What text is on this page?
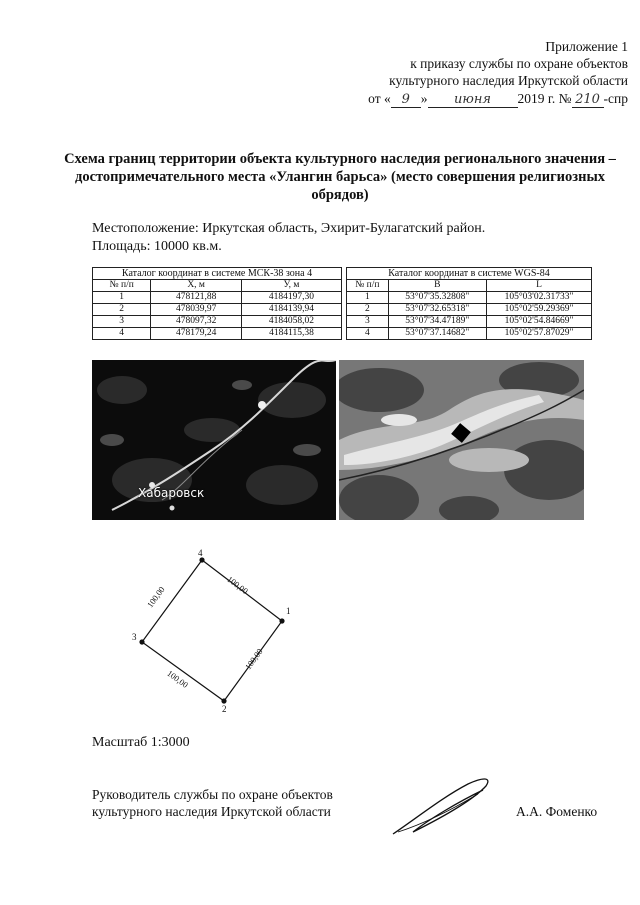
Приложение 1
к приказу службы по охране объектов
культурного наследия Иркутской области
от « 9 » июня 2019 г. № 210 -спр
Схема границ территории объекта культурного наследия регионального значения – достопримечательного места «Улангин барьса» (место совершения религиозных обрядов)
Местоположение: Иркутская область, Эхирит-Булагатский район.
Площадь: 10000 кв.м.
Каталог координат в системе МСК-38 зона 4		
№ п/п	X, м	У, м
1	478121,88	4184197,30
2	478039,97	4184139,94
3	478097,32	4184058,02
4	478179,24	4184115,38
Каталог координат в системе WGS-84		
№ п/п	B	L
1	53°07'35.32808"	105°03'02.31733"
2	53°07'32.65318"	105°02'59.29369"
3	53°07'34.47189"	105°02'54.84669"
4	53°07'37.14682"	105°02'57.87029"
Хабаровск
1
2
3
4
100,00
100,00
100,00
100,00
Масштаб 1:3000
Руководитель службы по охране объектов
культурного наследия Иркутской области	А.А. Фоменко
